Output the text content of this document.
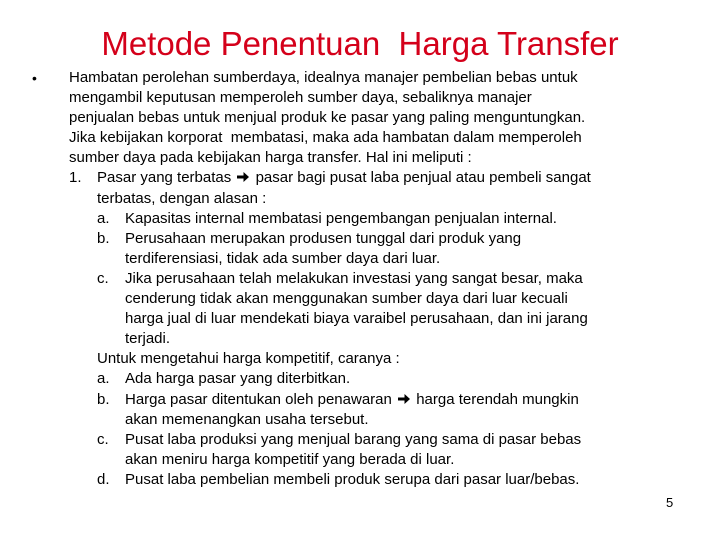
Metode Penentuan  Harga Transfer
• Hambatan perolehan sumberdaya, idealnya manajer pembelian bebas untuk

mengambil keputusan memperoleh sumber daya, sebaliknya manajer

penjualan bebas untuk menjual produk ke pasar yang paling menguntungkan.

Jika kebijakan korporat  membatasi, maka ada hambatan dalam memperoleh

sumber daya pada kebijakan harga transfer. Hal ini meliputi :

1. Pasar yang terbatas pasar bagi pusat laba penjual atau pembeli sangat

terbatas, dengan alasan :

a. Kapasitas internal membatasi pengembangan penjualan internal.

b. Perusahaan merupakan produsen tunggal dari produk yang

terdiferensiasi, tidak ada sumber daya dari luar.

c. Jika perusahaan telah melakukan investasi yang sangat besar, maka

cenderung tidak akan menggunakan sumber daya dari luar kecuali

harga jual di luar mendekati biaya varaibel perusahaan, dan ini jarang

terjadi.

Untuk mengetahui harga kompetitif, caranya :

a. Ada harga pasar yang diterbitkan.

b. Harga pasar ditentukan oleh penawaran harga terendah mungkin

akan memenangkan usaha tersebut.

c. Pusat laba produksi yang menjual barang yang sama di pasar bebas

akan meniru harga kompetitif yang berada di luar.

d. Pusat laba pembelian membeli produk serupa dari pasar luar/bebas.

5
